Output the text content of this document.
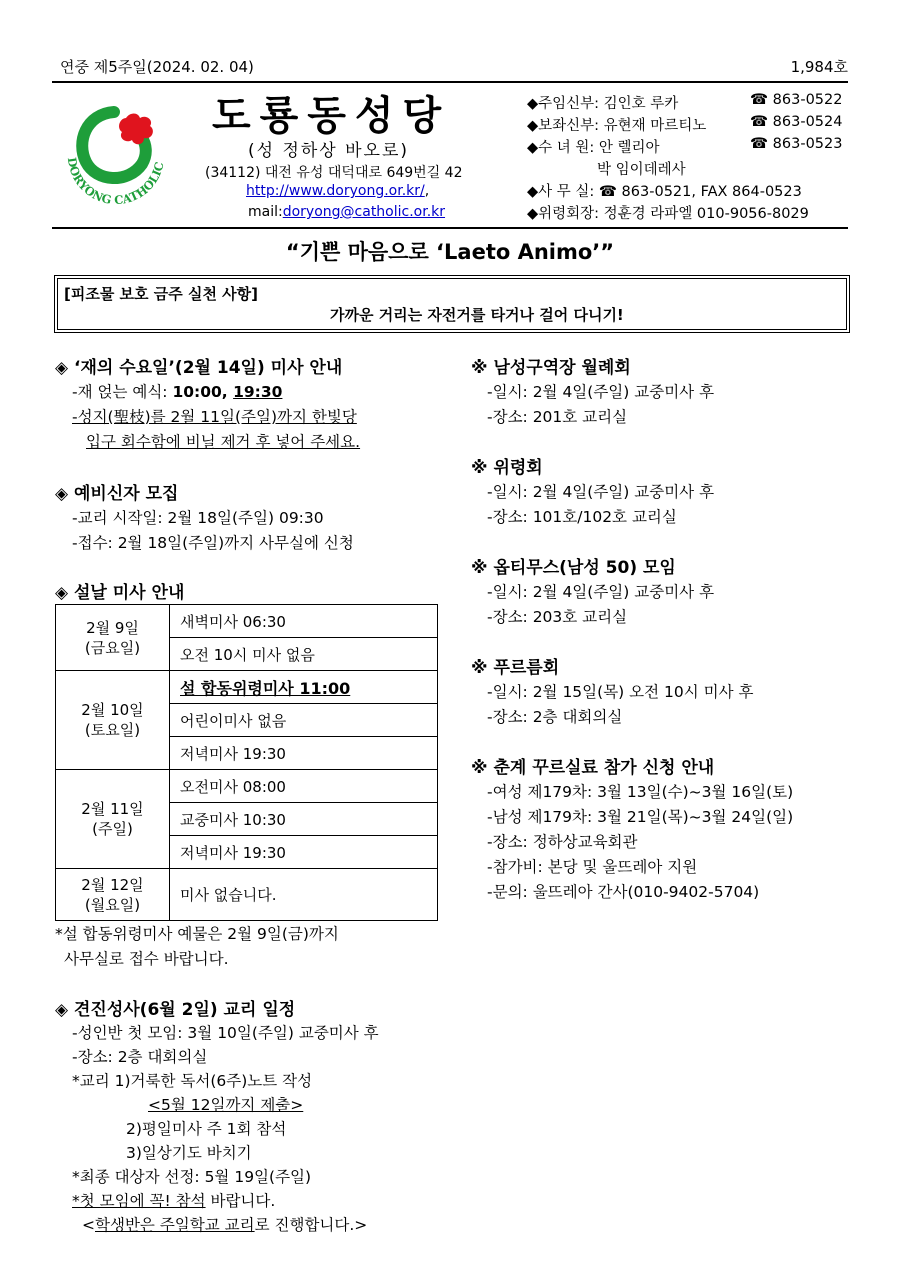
연중 제5주일(2024. 02. 04)	1,984호
DORYONG CATHOLIC
도룡동성당
(성 정하상 바오로)
(34112) 대전 유성 대덕대로 649번길 42
http://www.doryong.or.kr/,
mail:doryong@catholic.or.kr
◆주임신부: 김인호 루카	☎ 863-0522
◆보좌신부: 유현재 마르티노	☎ 863-0524
◆수 녀 원: 안 렐리아	☎ 863-0523
박 임이데레사
◆사 무 실: ☎ 863-0521, FAX 864-0523
◆위령회장: 정훈경 라파엘 010-9056-8029
“기쁜 마음으로 ‘Laeto Animo’”
[피조물 보호 금주 실천 사항]
가까운 거리는 자전거를 타거나 걸어 다니기!
◈ ‘재의 수요일’(2월 14일) 미사 안내
-재 얹는 예식: 10:00, 19:30
-성지(聖枝)를 2월 11일(주일)까지 한빛당
입구 회수함에 비닐 제거 후 넣어 주세요.
◈ 예비신자 모집
-교리 시작일: 2월 18일(주일) 09:30
-접수: 2월 18일(주일)까지 사무실에 신청
◈ 설날 미사 안내
2월 9일
(금요일)	새벽미사 06:30
	오전 10시 미사 없음
2월 10일
(토요일)	설 합동위령미사 11:00
	어린이미사 없음
	저녁미사 19:30
2월 11일
(주일)	오전미사 08:00
	교중미사 10:30
	저녁미사 19:30
2월 12일
(월요일)	미사 없습니다.
*설 합동위령미사 예물은 2월 9일(금)까지
사무실로 접수 바랍니다.
◈ 견진성사(6월 2일) 교리 일정
-성인반 첫 모임: 3월 10일(주일) 교중미사 후
-장소: 2층 대회의실
*교리 1)거룩한 독서(6주)노트 작성
<5월 12일까지 제출>
2)평일미사 주 1회 참석
3)일상기도 바치기
*최종 대상자 선정: 5월 19일(주일)
*첫 모임에 꼭! 참석 바랍니다.
<학생반은 주일학교 교리로 진행합니다.>
※ 남성구역장 월례회
-일시: 2월 4일(주일) 교중미사 후
-장소: 201호 교리실
※ 위령회
-일시: 2월 4일(주일) 교중미사 후
-장소: 101호/102호 교리실
※ 옵티무스(남성 50) 모임
-일시: 2월 4일(주일) 교중미사 후
-장소: 203호 교리실
※ 푸르름회
-일시: 2월 15일(목) 오전 10시 미사 후
-장소: 2층 대회의실
※ 춘계 꾸르실료 참가 신청 안내
-여성 제179차: 3월 13일(수)~3월 16일(토)
-남성 제179차: 3월 21일(목)~3월 24일(일)
-장소: 정하상교육회관
-참가비: 본당 및 울뜨레아 지원
-문의: 울뜨레아 간사(010-9402-5704)
